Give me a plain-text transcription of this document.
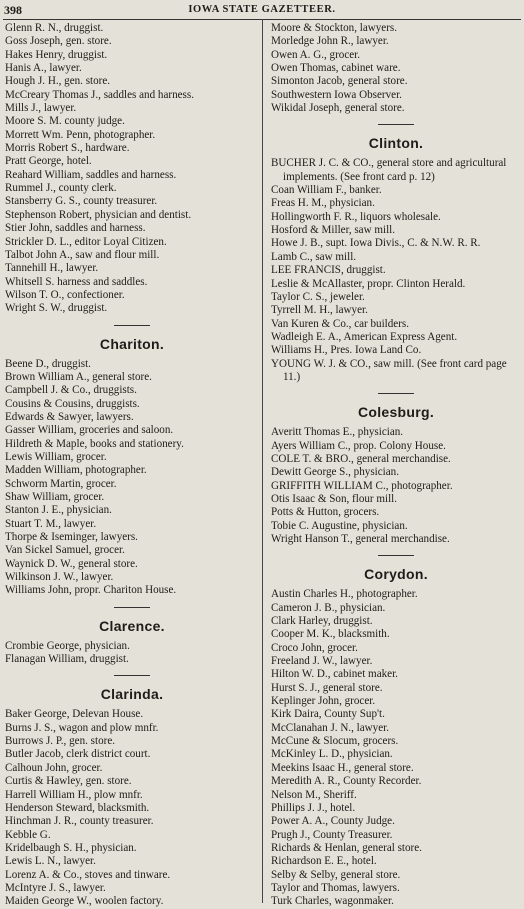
398	IOWA STATE GAZETTEER.
Glenn R. N., druggist.
Goss Joseph, gen. store.
Hakes Henry, druggist.
Hanis A., lawyer.
Hough J. H., gen. store.
McCreary Thomas J., saddles and harness.
Mills J., lawyer.
Moore S. M. county judge.
Morrett Wm. Penn, photographer.
Morris Robert S., hardware.
Pratt George, hotel.
Reahard William, saddles and harness.
Rummel J., county clerk.
Stansberry G. S., county treasurer.
Stephenson Robert, physician and dentist.
Stier John, saddles and harness.
Strickler D. L., editor Loyal Citizen.
Talbot John A., saw and flour mill.
Tannehill H., lawyer.
Whitsell S. harness and saddles.
Wilson T. O., confectioner.
Wright S. W., druggist.
Chariton.
Beene D., druggist.
Brown William A., general store.
Campbell J. & Co., druggists.
Cousins & Cousins, druggists.
Edwards & Sawyer, lawyers.
Gasser William, groceries and saloon.
Hildreth & Maple, books and stationery.
Lewis William, grocer.
Madden William, photographer.
Schworm Martin, grocer.
Shaw William, grocer.
Stanton J. E., physician.
Stuart T. M., lawyer.
Thorpe & Iseminger, lawyers.
Van Sickel Samuel, grocer.
Waynick D. W., general store.
Wilkinson J. W., lawyer.
Williams John, propr. Chariton House.
Clarence.
Crombie George, physician.
Flanagan William, druggist.
Clarinda.
Baker George, Delevan House.
Burns J. S., wagon and plow mnfr.
Burrows J. P., gen. store.
Butler Jacob, clerk district court.
Calhoun John, grocer.
Curtis & Hawley, gen. store.
Harrell William H., plow mnfr.
Henderson Steward, blacksmith.
Hinchman J. R., county treasurer.
Kebble G.
Kridelbaugh S. H., physician.
Lewis L. N., lawyer.
Lorenz A. & Co., stoves and tinware.
McIntyre J. S., lawyer.
Maiden George W., woolen factory.
Moore & Stockton, lawyers.
Morledge John R., lawyer.
Owen A. G., grocer.
Owen Thomas, cabinet ware.
Simonton Jacob, general store.
Southwestern Iowa Observer.
Wikidal Joseph, general store.
Clinton.
BUCHER J. C. & CO., general store and agricultural implements. (See front card p. 12)
Coan William F., banker.
Freas H. M., physician.
Hollingworth F. R., liquors wholesale.
Hosford & Miller, saw mill.
Howe J. B., supt. Iowa Divis., C. & N.W. R. R.
Lamb C., saw mill.
LEE FRANCIS, druggist.
Leslie & McAllaster, propr. Clinton Herald.
Taylor C. S., jeweler.
Tyrrell M. H., lawyer.
Van Kuren & Co., car builders.
Wadleigh E. A., American Express Agent.
Williams H., Pres. Iowa Land Co.
YOUNG W. J. & CO., saw mill. (See front card page 11.)
Colesburg.
Averitt Thomas E., physician.
Ayers William C., prop. Colony House.
COLE T. & BRO., general merchandise.
Dewitt George S., physician.
GRIFFITH WILLIAM C., photographer.
Otis Isaac & Son, flour mill.
Potts & Hutton, grocers.
Tobie C. Augustine, physician.
Wright Hanson T., general merchandise.
Corydon.
Austin Charles H., photographer.
Cameron J. B., physician.
Clark Harley, druggist.
Cooper M. K., blacksmith.
Croco John, grocer.
Freeland J. W., lawyer.
Hilton W. D., cabinet maker.
Hurst S. J., general store.
Keplinger John, grocer.
Kirk Daira, County Sup't.
McClanahan J. N., lawyer.
McCune & Slocum, grocers.
McKinley L. D., physician.
Meekins Isaac H., general store.
Meredith A. R., County Recorder.
Nelson M., Sheriff.
Phillips J. J., hotel.
Power A. A., County Judge.
Prugh J., County Treasurer.
Richards & Henlan, general store.
Richardson E. E., hotel.
Selby & Selby, general store.
Taylor and Thomas, lawyers.
Turk Charles, wagonmaker.
